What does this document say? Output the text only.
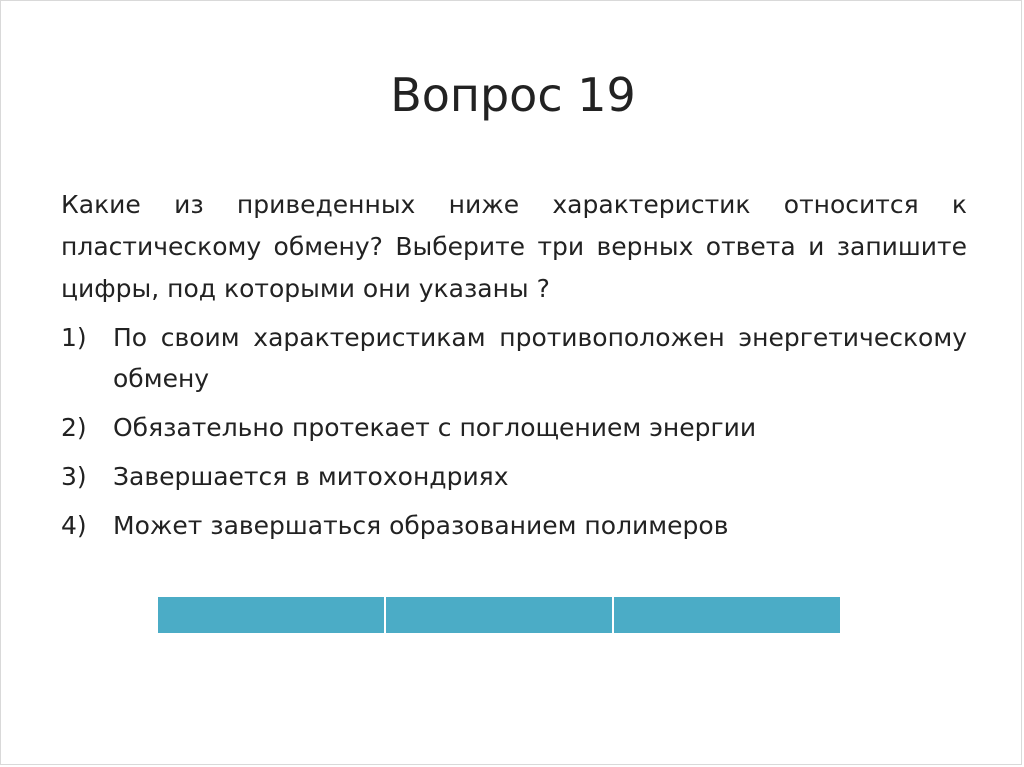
Вопрос 19

Какие из приведенных ниже характеристик относится к пластическому обмену? Выберите три верных ответа и запишите цифры, под которыми они указаны ?

1)	По своим характеристикам противоположен энергетическому обмену
2)	Обязательно протекает с поглощением энергии
3)	Завершается в митохондриях
4)	Может завершаться образованием полимеров
